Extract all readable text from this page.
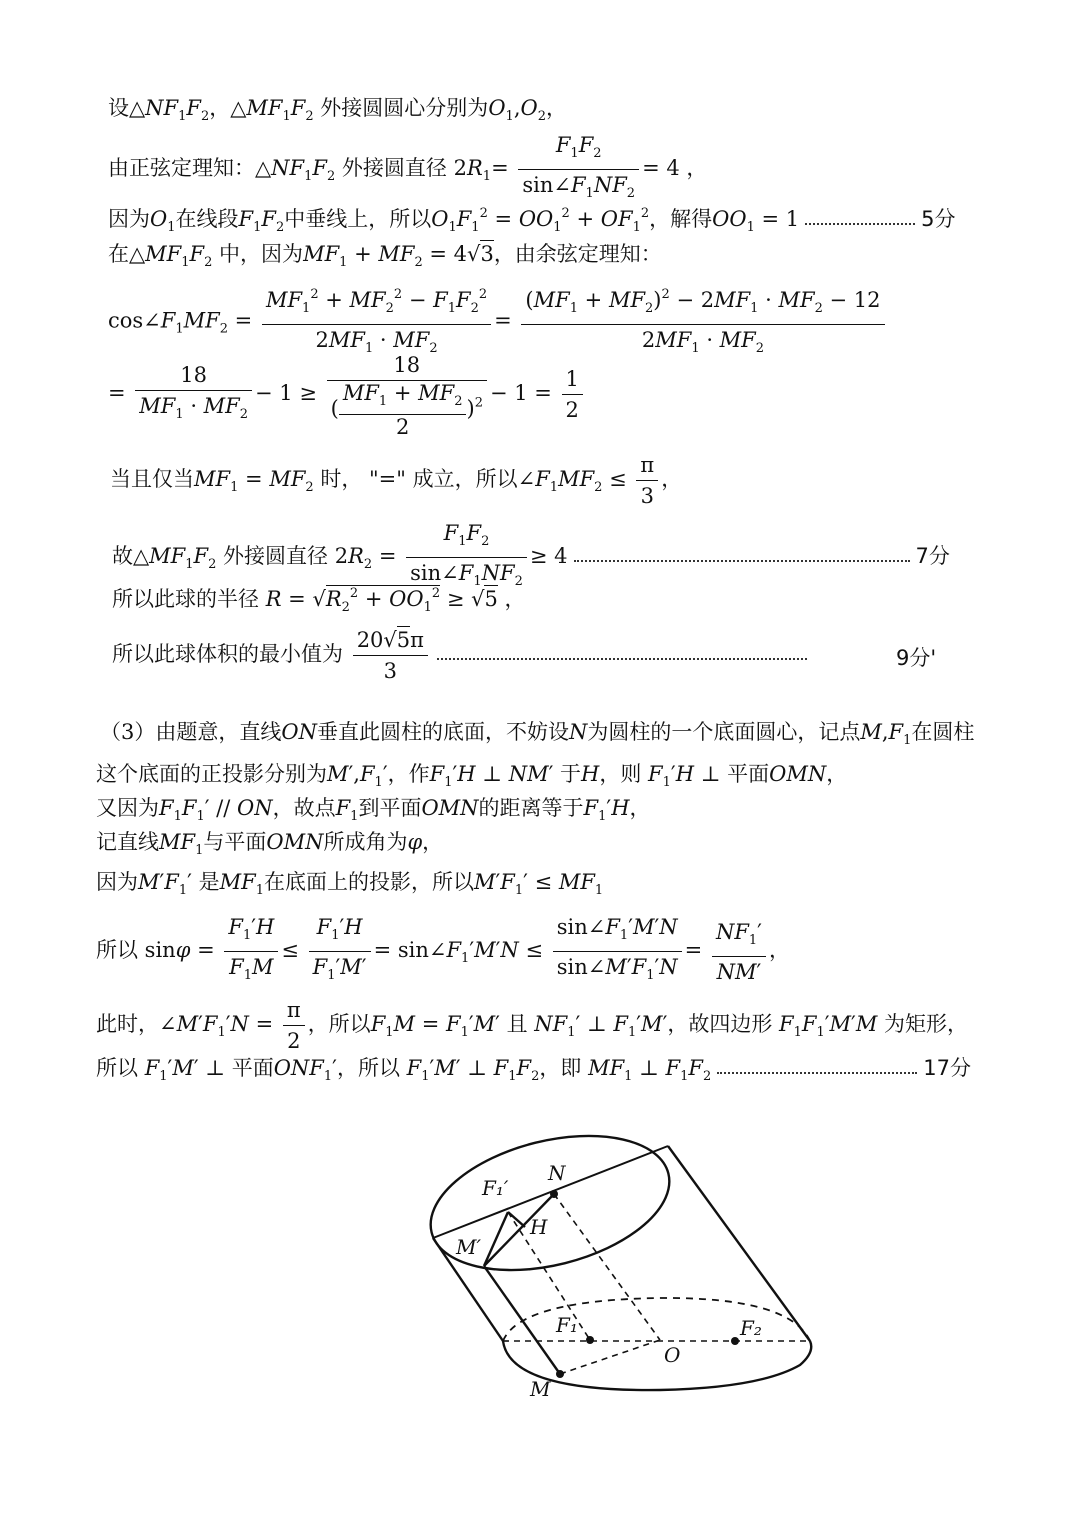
设$\triangle NF_1F_2$，$\triangle MF_1F_2$ 外接圆圆心分别为$O_1,O_2$，
由正弦定理知：$\triangle NF_1F_2$ 外接圆直径 $2R_1= \frac{F_1F_2}{\sin\angle F_1NF_2} = 4$ ，
因为$O_1$在线段$F_1F_2$中垂线上，所以$O_1F_1^2 = OO_1^2 + OF_1^2$，解得$OO_1 = 1$	5分
在$\triangle MF_1F_2$ 中，因为$MF_1 + MF_2 = 4√3$，由余弦定理知：
$\cos\angle F_1MF_2 = \frac{MF_1^2 + MF_2^2 - F_1F_2^2}{2MF_1 \cdot MF_2} = \frac{(MF_1 + MF_2)^2 - 2MF_1 \cdot MF_2 - 12}{2MF_1 \cdot MF_2}$
= $\frac{18}{MF_1 \cdot MF_2} - 1 \ge \frac{18}{( \frac{MF_1 + MF_2}{2} )^2} - 1 = \frac{1}{2}$
当且仅当$MF_1 = MF_2$ 时， "=" 成立，所以$\angle F_1MF_2 \le \frac{\pi}{3}$ ，
故$\triangle MF_1F_2$ 外接圆直径 $2R_2 = \frac{F_1F_2}{\sin\angle F_1NF_2} \ge 4$	7分
所以此球的半径 $R = √R_2^2 + OO_1^2 \ge √5$ ，
所以此球体积的最小值为 $\frac{20√5\pi}{3}$	9分'
（3）由题意，直线ON垂直此圆柱的底面，不妨设N为圆柱的一个底面圆心，记点$M,F_1$在圆柱
这个底面的正投影分别为$M',F_1'$，作$F_1'H$ ⊥ NM′ 于H，则 $F_1'H$ ⊥ 平面OMN，
又因为$F_1F_1'$ // ON，故点$F_1$到平面OMN的距离等于$F_1'H$，
记直线$MF_1$与平面OMN所成角为φ，
因为$M'F_1'$ 是$MF_1$在底面上的投影，所以$M'F_1' \le MF_1$
所以 $\sin\varphi = \frac{F_1'H}{F_1M} \le \frac{F_1'H}{F_1'M'}$ = $\sin\angle F_1'M'N \le \frac{\sin\angle F_1'M'N}{\sin\angle M'F_1'N} = \frac{NF_1'}{NM'}$ ，
此时，$\angle M'F_1'N = \frac{\pi}{2}$ ，所以$F_1M = F_1'M'$ 且 $NF_1'$ ⊥ $F_1'M'$，故四边形 $F_1F_1'M'M$ 为矩形，
所以 $F_1'M'$ ⊥ 平面$ONF_1'$，所以 $F_1'M'$ ⊥ $F_1F_2$，即 $MF_1$ ⊥ $F_1F_2$	17分
F₁′
N
H
M′
F₁	F₂
O
M
